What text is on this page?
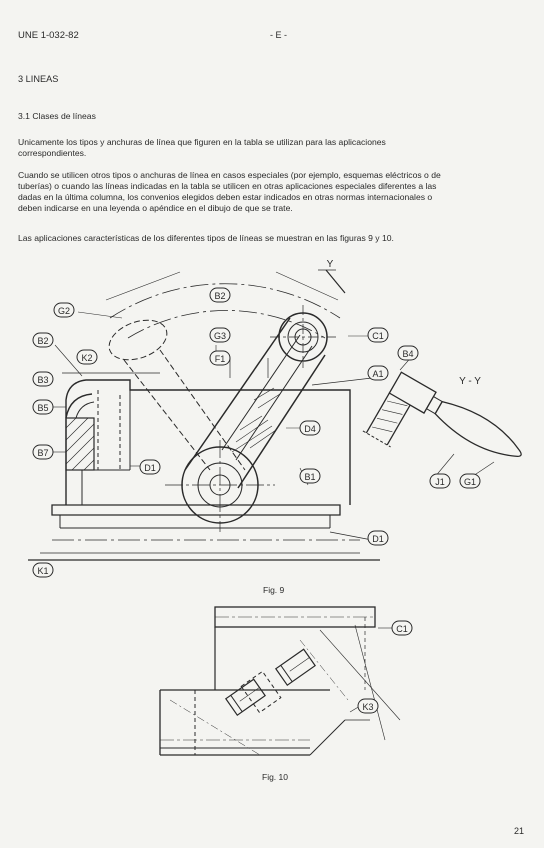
UNE 1-032-82	- E -
3 LINEAS
3.1 Clases de líneas
Unicamente los tipos y anchuras de línea que figuren en la tabla se utilizan para las aplicaciones
correspondientes.
Cuando se utilicen otros tipos o anchuras de línea en casos especiales (por ejemplo, esquemas eléctricos o de
tuberías) o cuando las líneas indicadas en la tabla se utilicen en otras aplicaciones especiales diferentes a las
dadas en la última columna, los convenios elegidos deben estar indicados en otras normas internacionales o
deben indicarse en una leyenda o apéndice en el dibujo de que se trate.
Las aplicaciones características de los diferentes tipos de líneas se muestran en las figuras 9 y 10.
G2
B2
G3	C1
B2
K2	F1
A1
B4
B3
B5
D4
B7
D1
B1	J1 G1
D1
K1
Y - Y
Y
Fig. 9
C1
K3
Fig. 10
21
